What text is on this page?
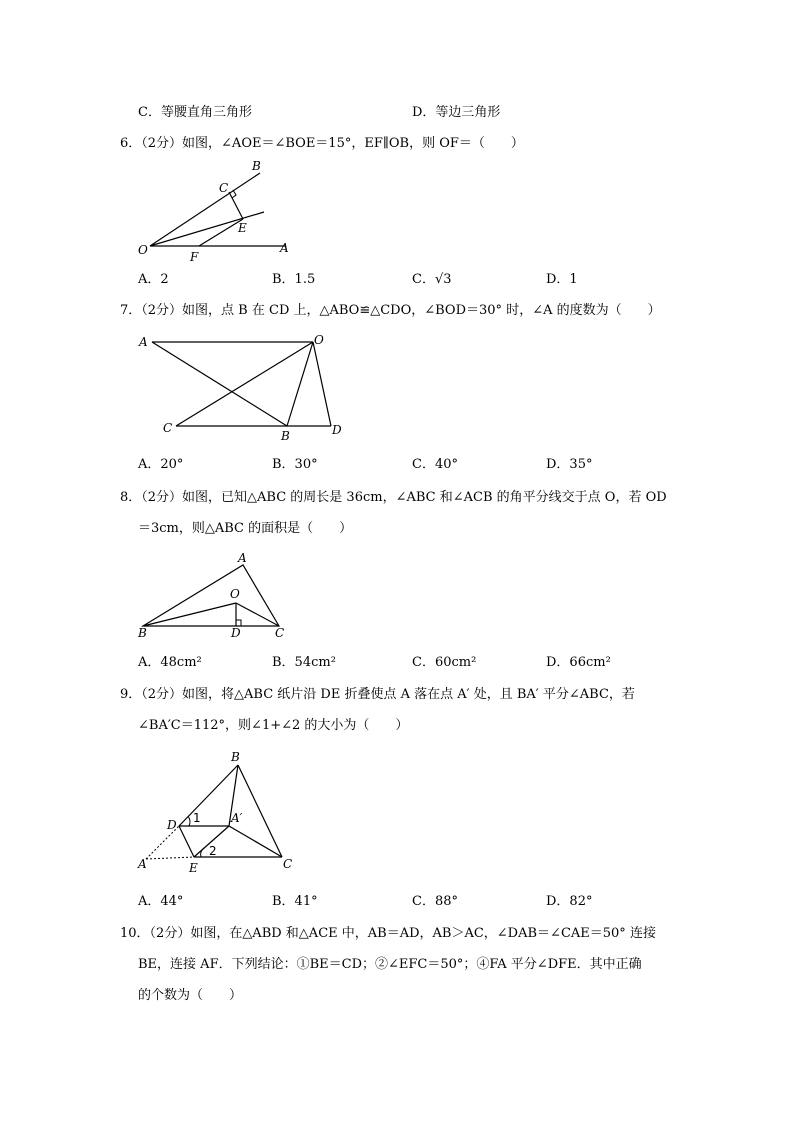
C．等腰直角三角形	D．等边三角形
6．（2分）如图，∠AOE＝∠BOE＝15°，EF∥OB，则 OF＝（　　）
B
C
E
O	F
A
A．2	B．1.5	C．√3	D．1
7．（2分）如图，点 B 在 CD 上，△ABO≌△CDO，∠BOD＝30° 时，∠A 的度数为（　　）
A	O
C
B	D
A．20°	B．30°	C．40°	D．35°
8．（2分）如图，已知△ABC 的周长是 36cm，∠ABC 和∠ACB 的角平分线交于点 O，若 OD
＝3cm，则△ABC 的面积是（　　）
A
O
B	D	C
A．48cm²	B．54cm²	C．60cm²	D．66cm²
9．（2分）如图，将△ABC 纸片沿 DE 折叠使点 A 落在点 A′ 处，且 BA′ 平分∠ABC，若
∠BA′C＝112°，则∠1+∠2 的大小为（　　）
B
D 1	A′
2
A	E	C
A．44°	B．41°	C．88°	D．82°
10．（2分）如图，在△ABD 和△ACE 中，AB＝AD，AB＞AC，∠DAB＝∠CAE＝50° 连接
BE，连接 AF．下列结论：①BE＝CD；②∠EFC＝50°；④FA 平分∠DFE．其中正确
的个数为（　　）
